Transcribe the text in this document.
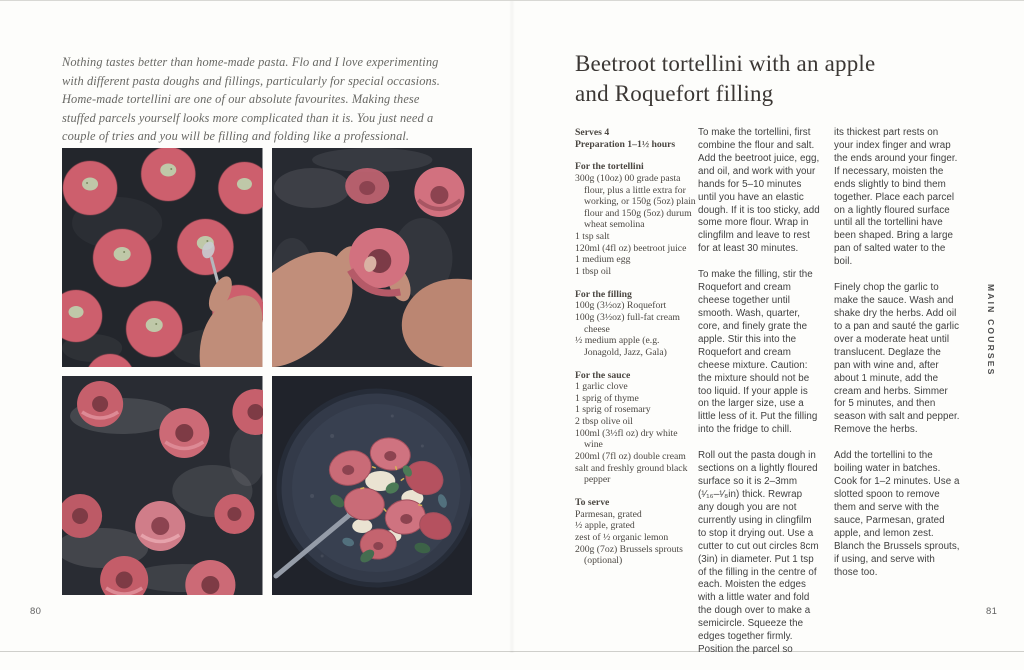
Nothing tastes better than home-made pasta. Flo and I love experimenting with different pasta doughs and fillings, particularly for special occasions. Home-made tortellini are one of our absolute favourites. Making these stuffed parcels yourself looks more complicated than it is. You just need a couple of tries and you will be filling and folding like a professional.

80
Beetroot tortellini with an apple
and Roquefort filling
Serves 4
Preparation 1–1½ hours
For the tortellini
300g (10oz) 00 grade pasta flour, plus a little extra for working, or 150g (5oz) plain flour and 150g (5oz) durum wheat semolina
1 tsp salt
120ml (4fl oz) beetroot juice
1 medium egg
1 tbsp oil
For the filling
100g (3½oz) Roquefort
100g (3½oz) full-fat cream cheese
½ medium apple (e.g. Jonagold, Jazz, Gala)
For the sauce
1 garlic clove
1 sprig of thyme
1 sprig of rosemary
2 tbsp olive oil
100ml (3½fl oz) dry white wine
200ml (7fl oz) double cream
salt and freshly ground black pepper
To serve
Parmesan, grated
½ apple, grated
zest of ½ organic lemon
200g (7oz) Brussels sprouts (optional)

To make the tortellini, first combine the flour and salt. Add the beetroot juice, egg, and oil, and work with your hands for 5–10 minutes until you have an elastic dough. If it is too sticky, add some more flour. Wrap in clingfilm and leave to rest for at least 30 minutes.

To make the filling, stir the Roquefort and cream cheese together until smooth. Wash, quarter, core, and finely grate the apple. Stir this into the Roquefort and cream cheese mixture. Caution: the mixture should not be too liquid. If your apple is on the larger size, use a little less of it. Put the filling into the fridge to chill.

Roll out the pasta dough in sections on a lightly floured surface so it is 2–3mm (¹⁄₁₆–¹⁄₈in) thick. Rewrap any dough you are not currently using in clingfilm to stop it drying out. Use a cutter to cut out circles 8cm (3in) in diameter. Put 1 tsp of the filling in the centre of each. Moisten the edges with a little water and fold the dough over to make a semicircle. Squeeze the edges together firmly. Position the parcel so

its thickest part rests on your index finger and wrap the ends around your finger. If necessary, moisten the ends slightly to bind them together. Place each parcel on a lightly floured surface until all the tortellini have been shaped. Bring a large pan of salted water to the boil.

Finely chop the garlic to make the sauce. Wash and shake dry the herbs. Add oil to a pan and sauté the garlic over a moderate heat until translucent. Deglaze the pan with wine and, after about 1 minute, add the cream and herbs. Simmer for 5 minutes, and then season with salt and pepper. Remove the herbs.

Add the tortellini to the boiling water in batches. Cook for 1–2 minutes. Use a slotted spoon to remove them and serve with the sauce, Parmesan, grated apple, and lemon zest. Blanch the Brussels sprouts, if using, and serve with those too.

MAIN COURSES
81
